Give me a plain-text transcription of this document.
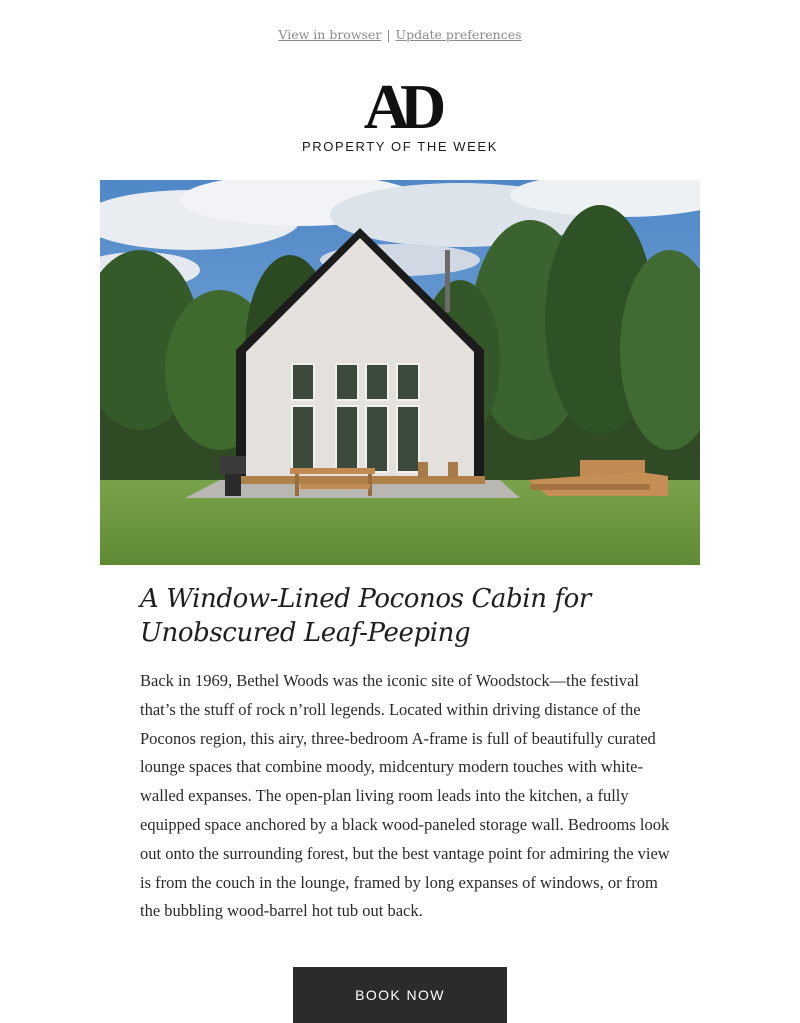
View in browser | Update preferences
AD
PROPERTY OF THE WEEK
A Window-Lined Poconos Cabin for Unobscured Leaf-Peeping

Back in 1969, Bethel Woods was the iconic site of Woodstock—the festival that’s the stuff of rock n’roll legends. Located within driving distance of the Poconos region, this airy, three-bedroom A-frame is full of beautifully curated lounge spaces that combine moody, midcentury modern touches with white-walled expanses. The open-plan living room leads into the kitchen, a fully equipped space anchored by a black wood-paneled storage wall. Bedrooms look out onto the surrounding forest, but the best vantage point for admiring the view is from the couch in the lounge, framed by long expanses of windows, or from the bubbling wood-barrel hot tub out back.

BOOK NOW
